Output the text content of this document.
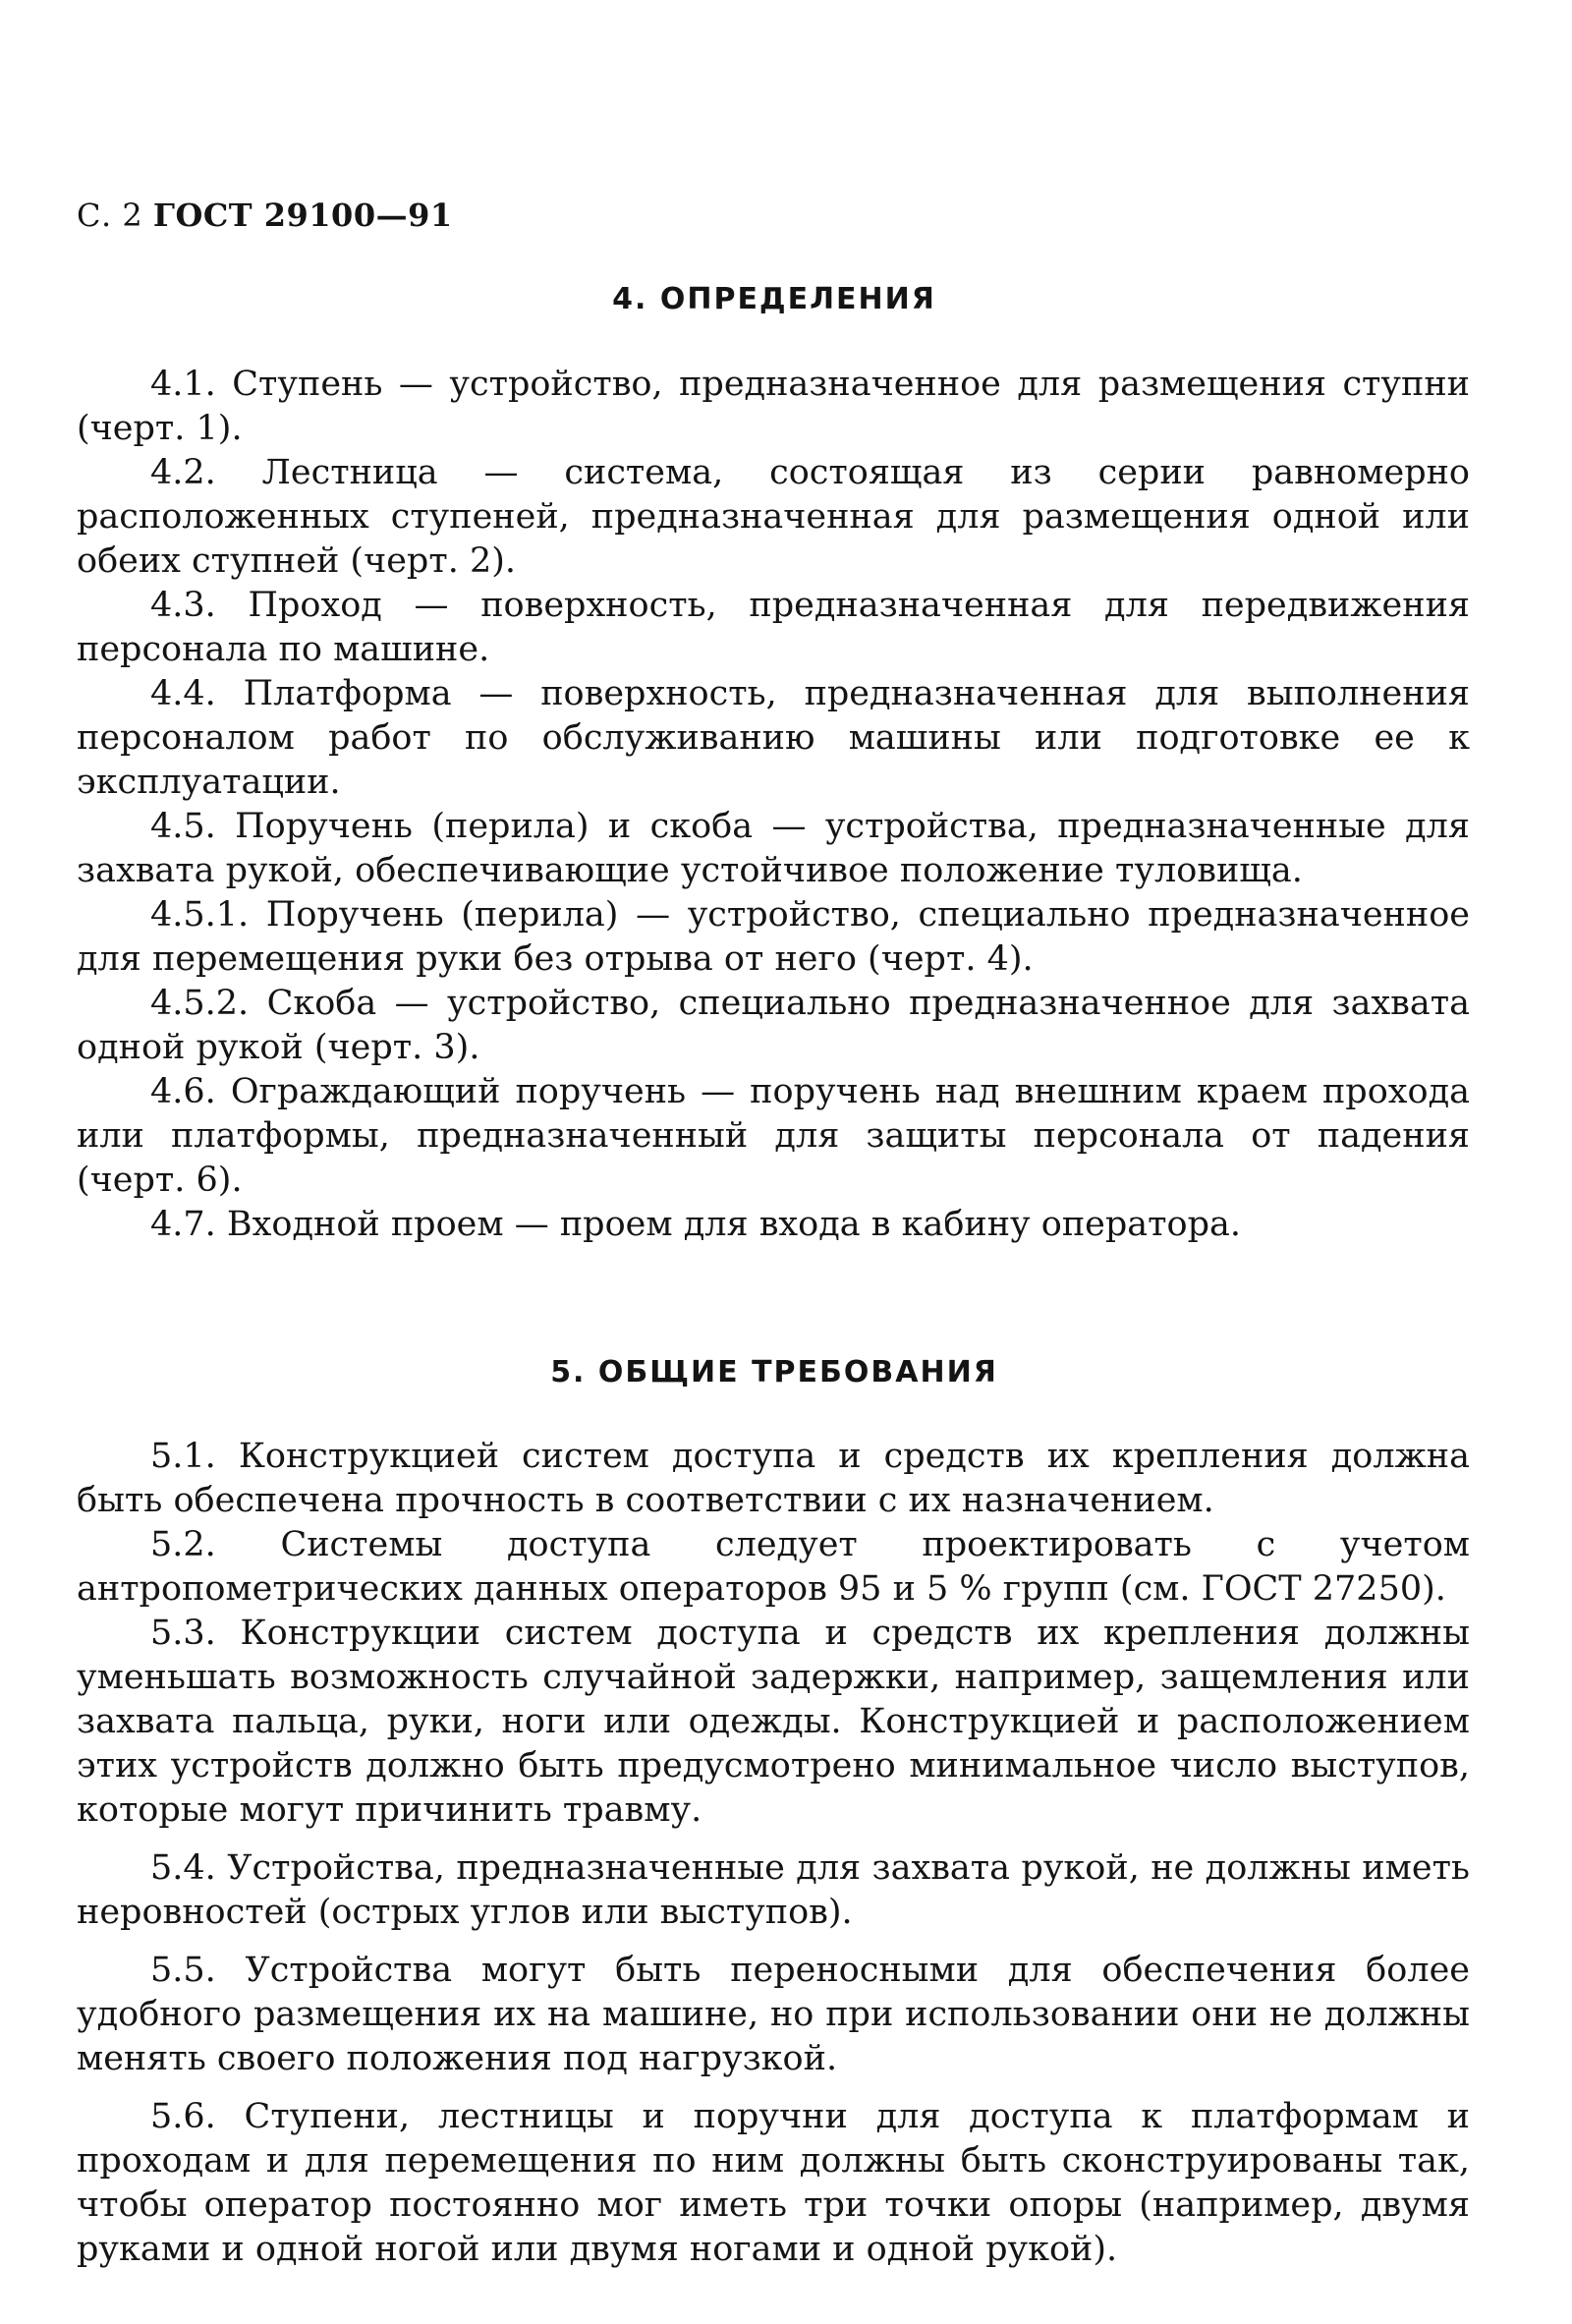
С. 2 ГОСТ 29100—91
4. ОПРЕДЕЛЕНИЯ

4.1. Ступень — устройство, предназначенное для размещения ступни (черт. 1).

4.2. Лестница — система, состоящая из серии равномерно расположенных ступеней, предназначенная для размещения одной или обеих ступней (черт. 2).

4.3. Проход — поверхность, предназначенная для передвижения персонала по машине.

4.4. Платформа — поверхность, предназначенная для выполнения персоналом работ по обслуживанию машины или подготовке ее к эксплуатации.

4.5. Поручень (перила) и скоба — устройства, предназначенные для захвата рукой, обеспечивающие устойчивое положение туловища.

4.5.1. Поручень (перила) — устройство, специально предназначенное для перемещения руки без отрыва от него (черт. 4).

4.5.2. Скоба — устройство, специально предназначенное для захвата одной рукой (черт. 3).

4.6. Ограждающий поручень — поручень над внешним краем прохода или платформы, предназначенный для защиты персонала от падения (черт. 6).

4.7. Входной проем — проем для входа в кабину оператора.

5. ОБЩИЕ ТРЕБОВАНИЯ

5.1. Конструкцией систем доступа и средств их крепления должна быть обеспечена прочность в соответствии с их назначением.

5.2. Системы доступа следует проектировать с учетом антропометрических данных операторов 95 и 5 % групп (см. ГОСТ 27250).

5.3. Конструкции систем доступа и средств их крепления должны уменьшать возможность случайной задержки, например, защемления или захвата пальца, руки, ноги или одежды. Конструкцией и расположением этих устройств должно быть предусмотрено минимальное число выступов, которые могут причинить травму.

5.4. Устройства, предназначенные для захвата рукой, не должны иметь неровностей (острых углов или выступов).

5.5. Устройства могут быть переносными для обеспечения более удобного размещения их на машине, но при использовании они не должны менять своего положения под нагрузкой.

5.6. Ступени, лестницы и поручни для доступа к платформам и проходам и для перемещения по ним должны быть сконструированы так, чтобы оператор постоянно мог иметь три точки опоры (например, двумя руками и одной ногой или двумя ногами и одной рукой).
